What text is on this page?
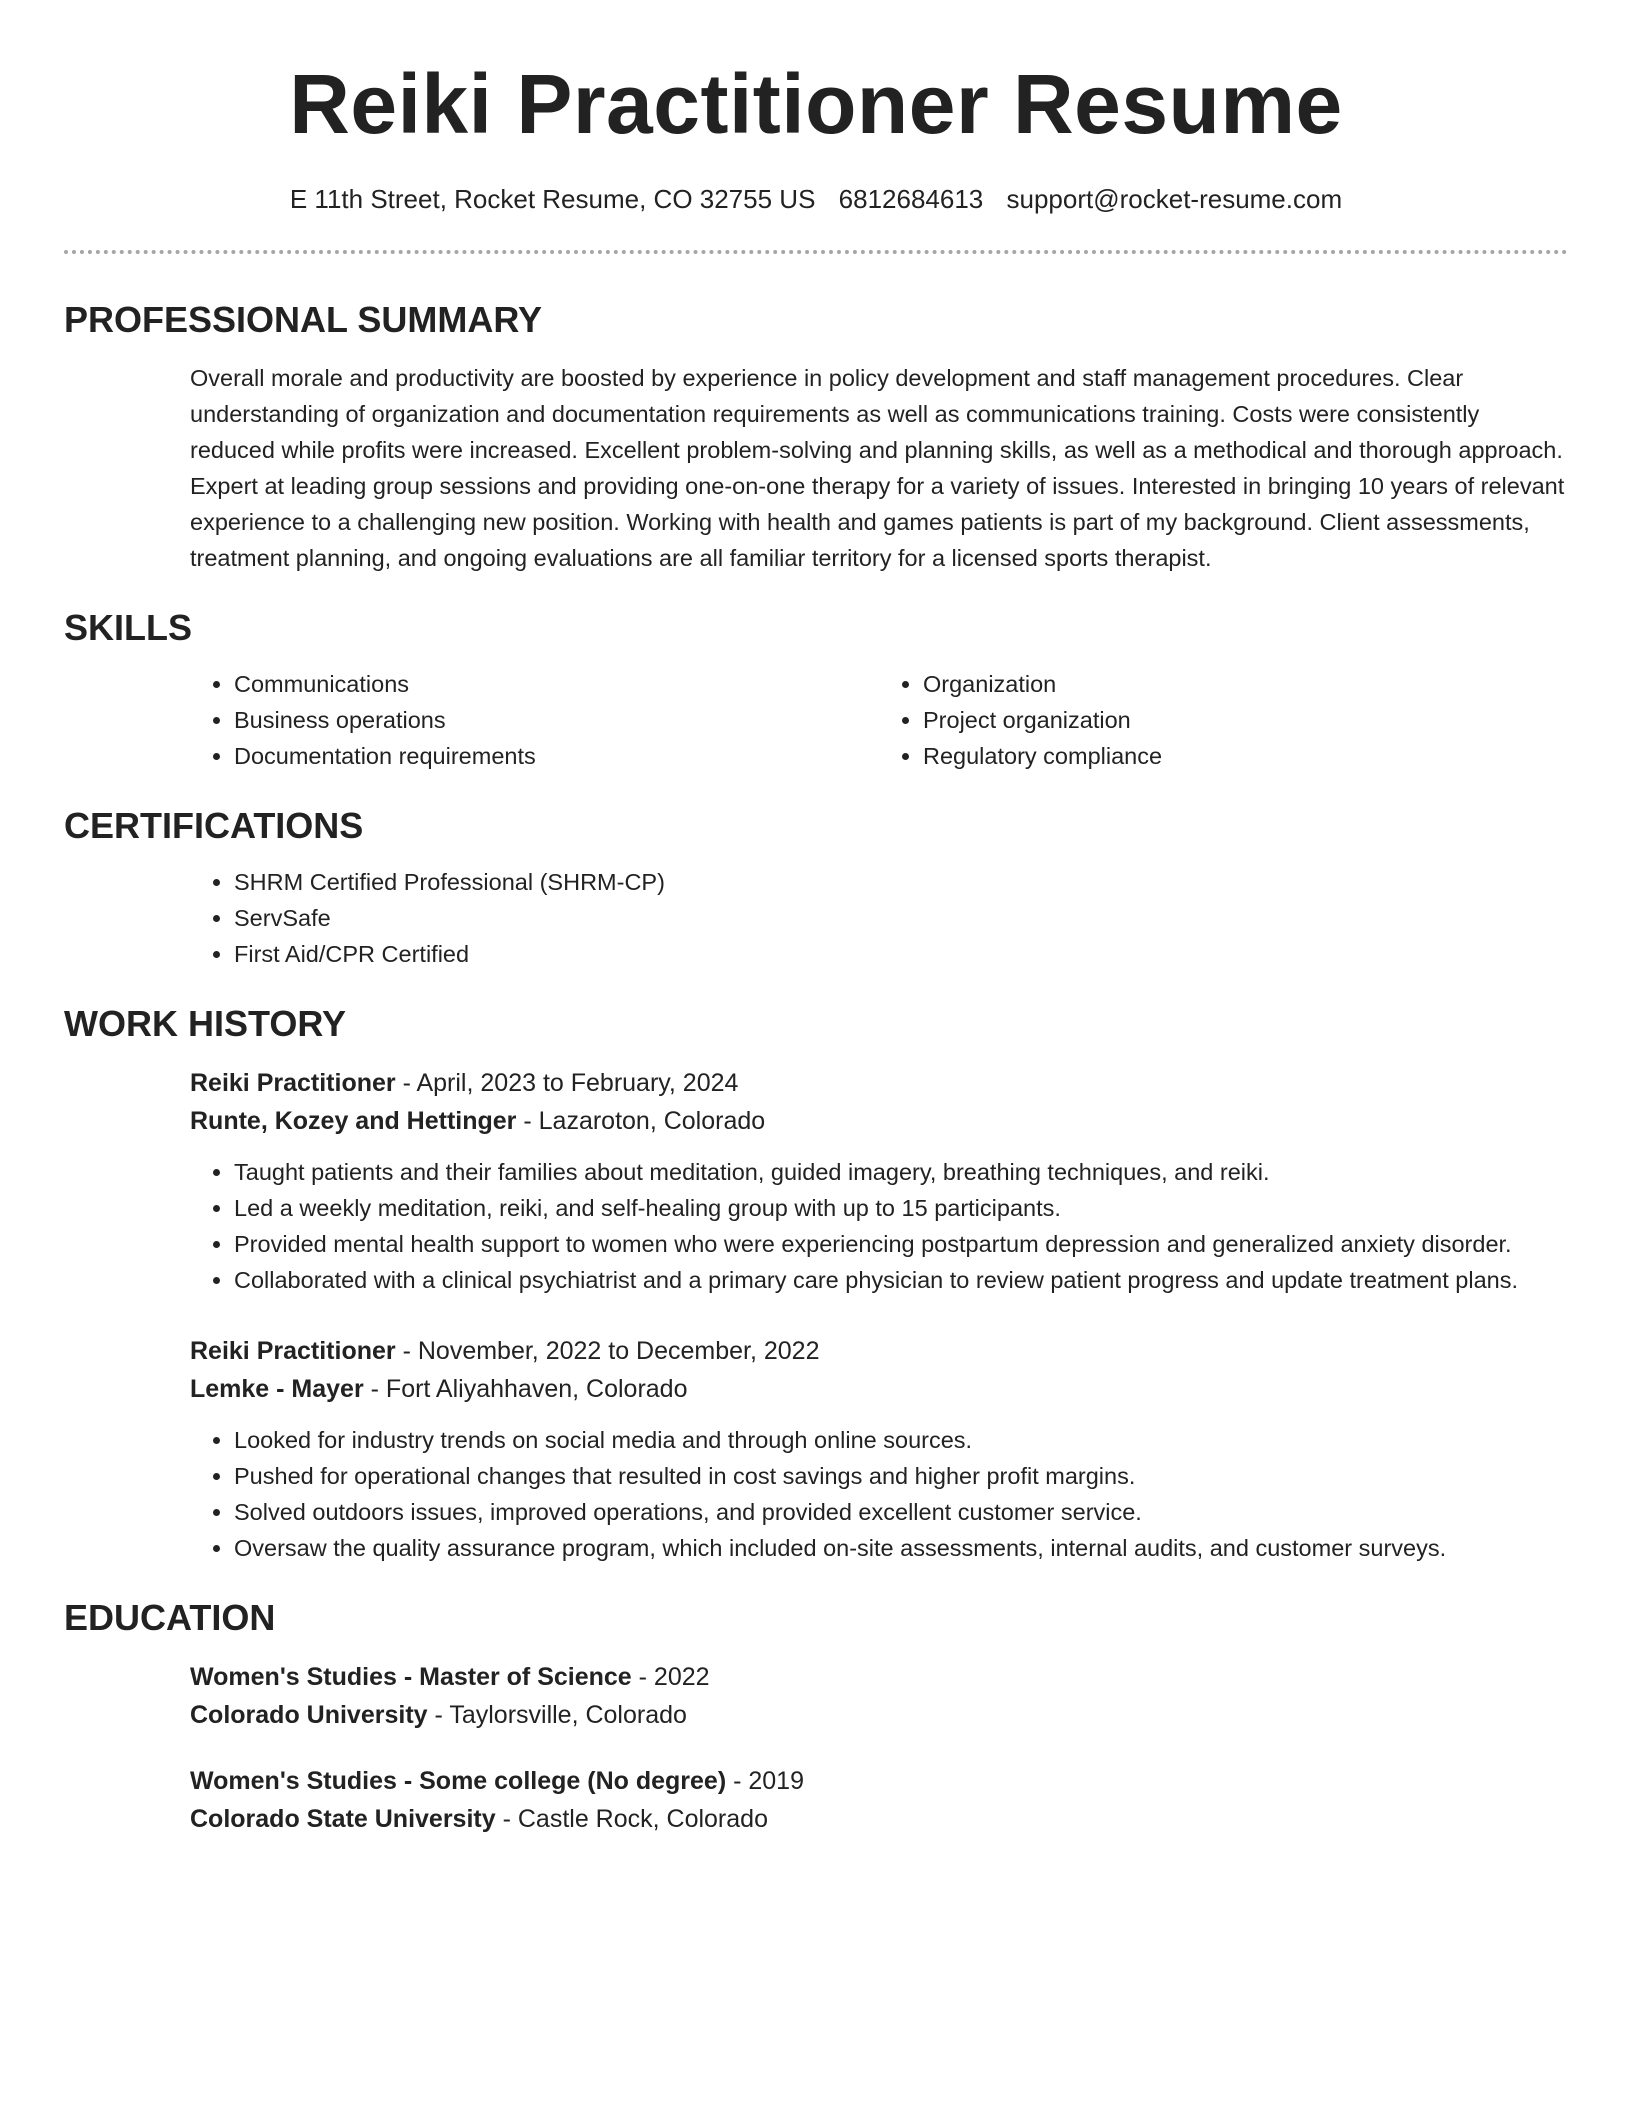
Reiki Practitioner Resume
E 11th Street, Rocket Resume, CO 32755 US 6812684613 support@rocket-resume.com
PROFESSIONAL SUMMARY

Overall morale and productivity are boosted by experience in policy development and staff management procedures. Clear understanding of organization and documentation requirements as well as communications training. Costs were consistently reduced while profits were increased. Excellent problem-solving and planning skills, as well as a methodical and thorough approach. Expert at leading group sessions and providing one-on-one therapy for a variety of issues. Interested in bringing 10 years of relevant experience to a challenging new position. Working with health and games patients is part of my background. Client assessments, treatment planning, and ongoing evaluations are all familiar territory for a licensed sports therapist.

SKILLS
• Communications
• Business operations
• Documentation requirements
• Organization
• Project organization
• Regulatory compliance
CERTIFICATIONS
• SHRM Certified Professional (SHRM-CP)
• ServSafe
• First Aid/CPR Certified
WORK HISTORY
Reiki Practitioner - April, 2023 to February, 2024
Runte, Kozey and Hettinger - Lazaroton, Colorado
• Taught patients and their families about meditation, guided imagery, breathing techniques, and reiki.
• Led a weekly meditation, reiki, and self-healing group with up to 15 participants.
• Provided mental health support to women who were experiencing postpartum depression and generalized anxiety disorder.
• Collaborated with a clinical psychiatrist and a primary care physician to review patient progress and update treatment plans.
Reiki Practitioner - November, 2022 to December, 2022
Lemke - Mayer - Fort Aliyahhaven, Colorado
• Looked for industry trends on social media and through online sources.
• Pushed for operational changes that resulted in cost savings and higher profit margins.
• Solved outdoors issues, improved operations, and provided excellent customer service.
• Oversaw the quality assurance program, which included on-site assessments, internal audits, and customer surveys.
EDUCATION
Women's Studies - Master of Science - 2022
Colorado University - Taylorsville, Colorado
Women's Studies - Some college (No degree) - 2019
Colorado State University - Castle Rock, Colorado
